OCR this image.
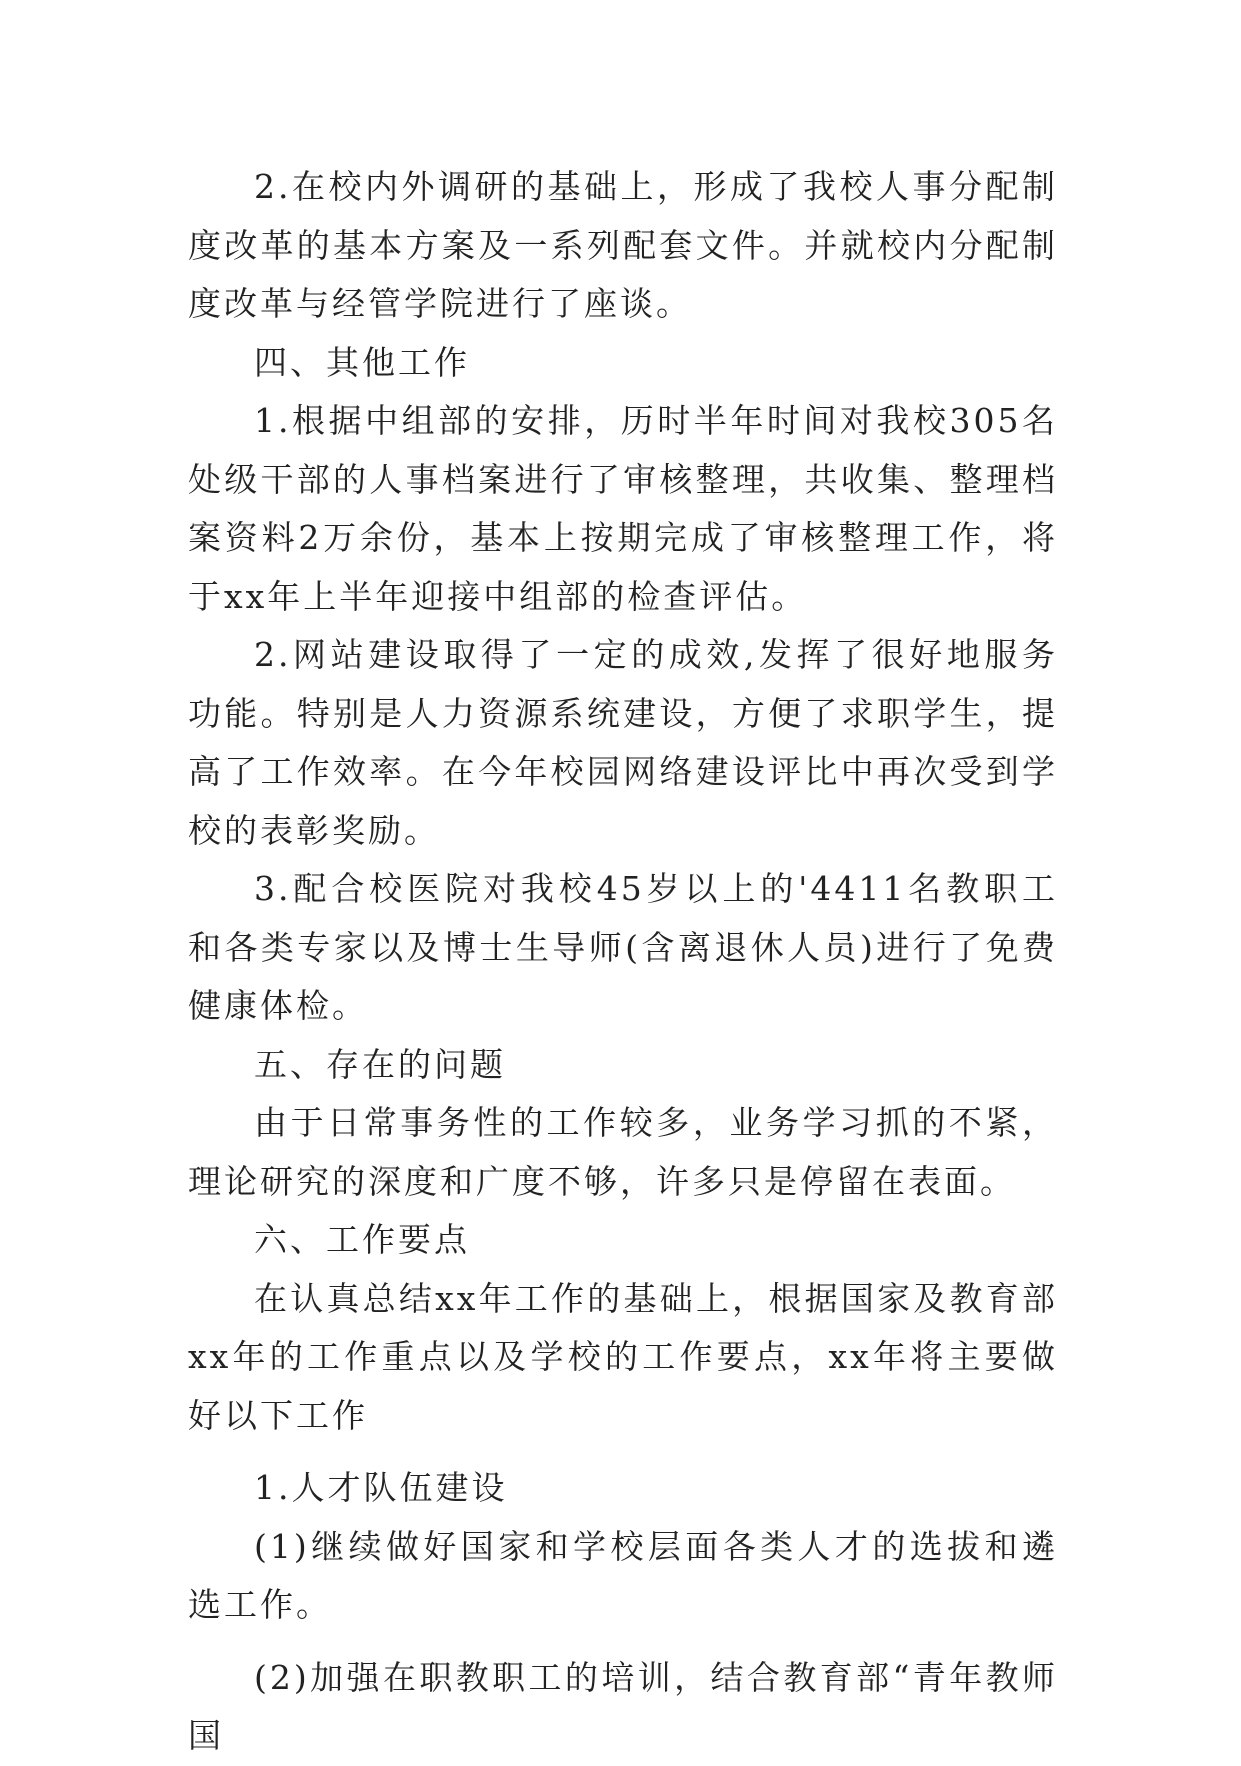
2.在校内外调研的基础上，形成了我校人事分配制度改革的基本方案及一系列配套文件。并就校内分配制度改革与经管学院进行了座谈。

四、其他工作

1.根据中组部的安排，历时半年时间对我校305名处级干部的人事档案进行了审核整理，共收集、整理档案资料2万余份，基本上按期完成了审核整理工作，将于xx年上半年迎接中组部的检查评估。

2.网站建设取得了一定的成效,发挥了很好地服务功能。特别是人力资源系统建设，方便了求职学生，提高了工作效率。在今年校园网络建设评比中再次受到学校的表彰奖励。

3.配合校医院对我校45岁以上的'4411名教职工和各类专家以及博士生导师(含离退休人员)进行了免费健康体检。

五、存在的问题

由于日常事务性的工作较多，业务学习抓的不紧，理论研究的深度和广度不够，许多只是停留在表面。

六、工作要点

在认真总结xx年工作的基础上，根据国家及教育部xx年的工作重点以及学校的工作要点，xx年将主要做好以下工作

1.人才队伍建设

(1)继续做好国家和学校层面各类人才的选拔和遴选工作。

(2)加强在职教职工的培训，结合教育部“青年教师国
